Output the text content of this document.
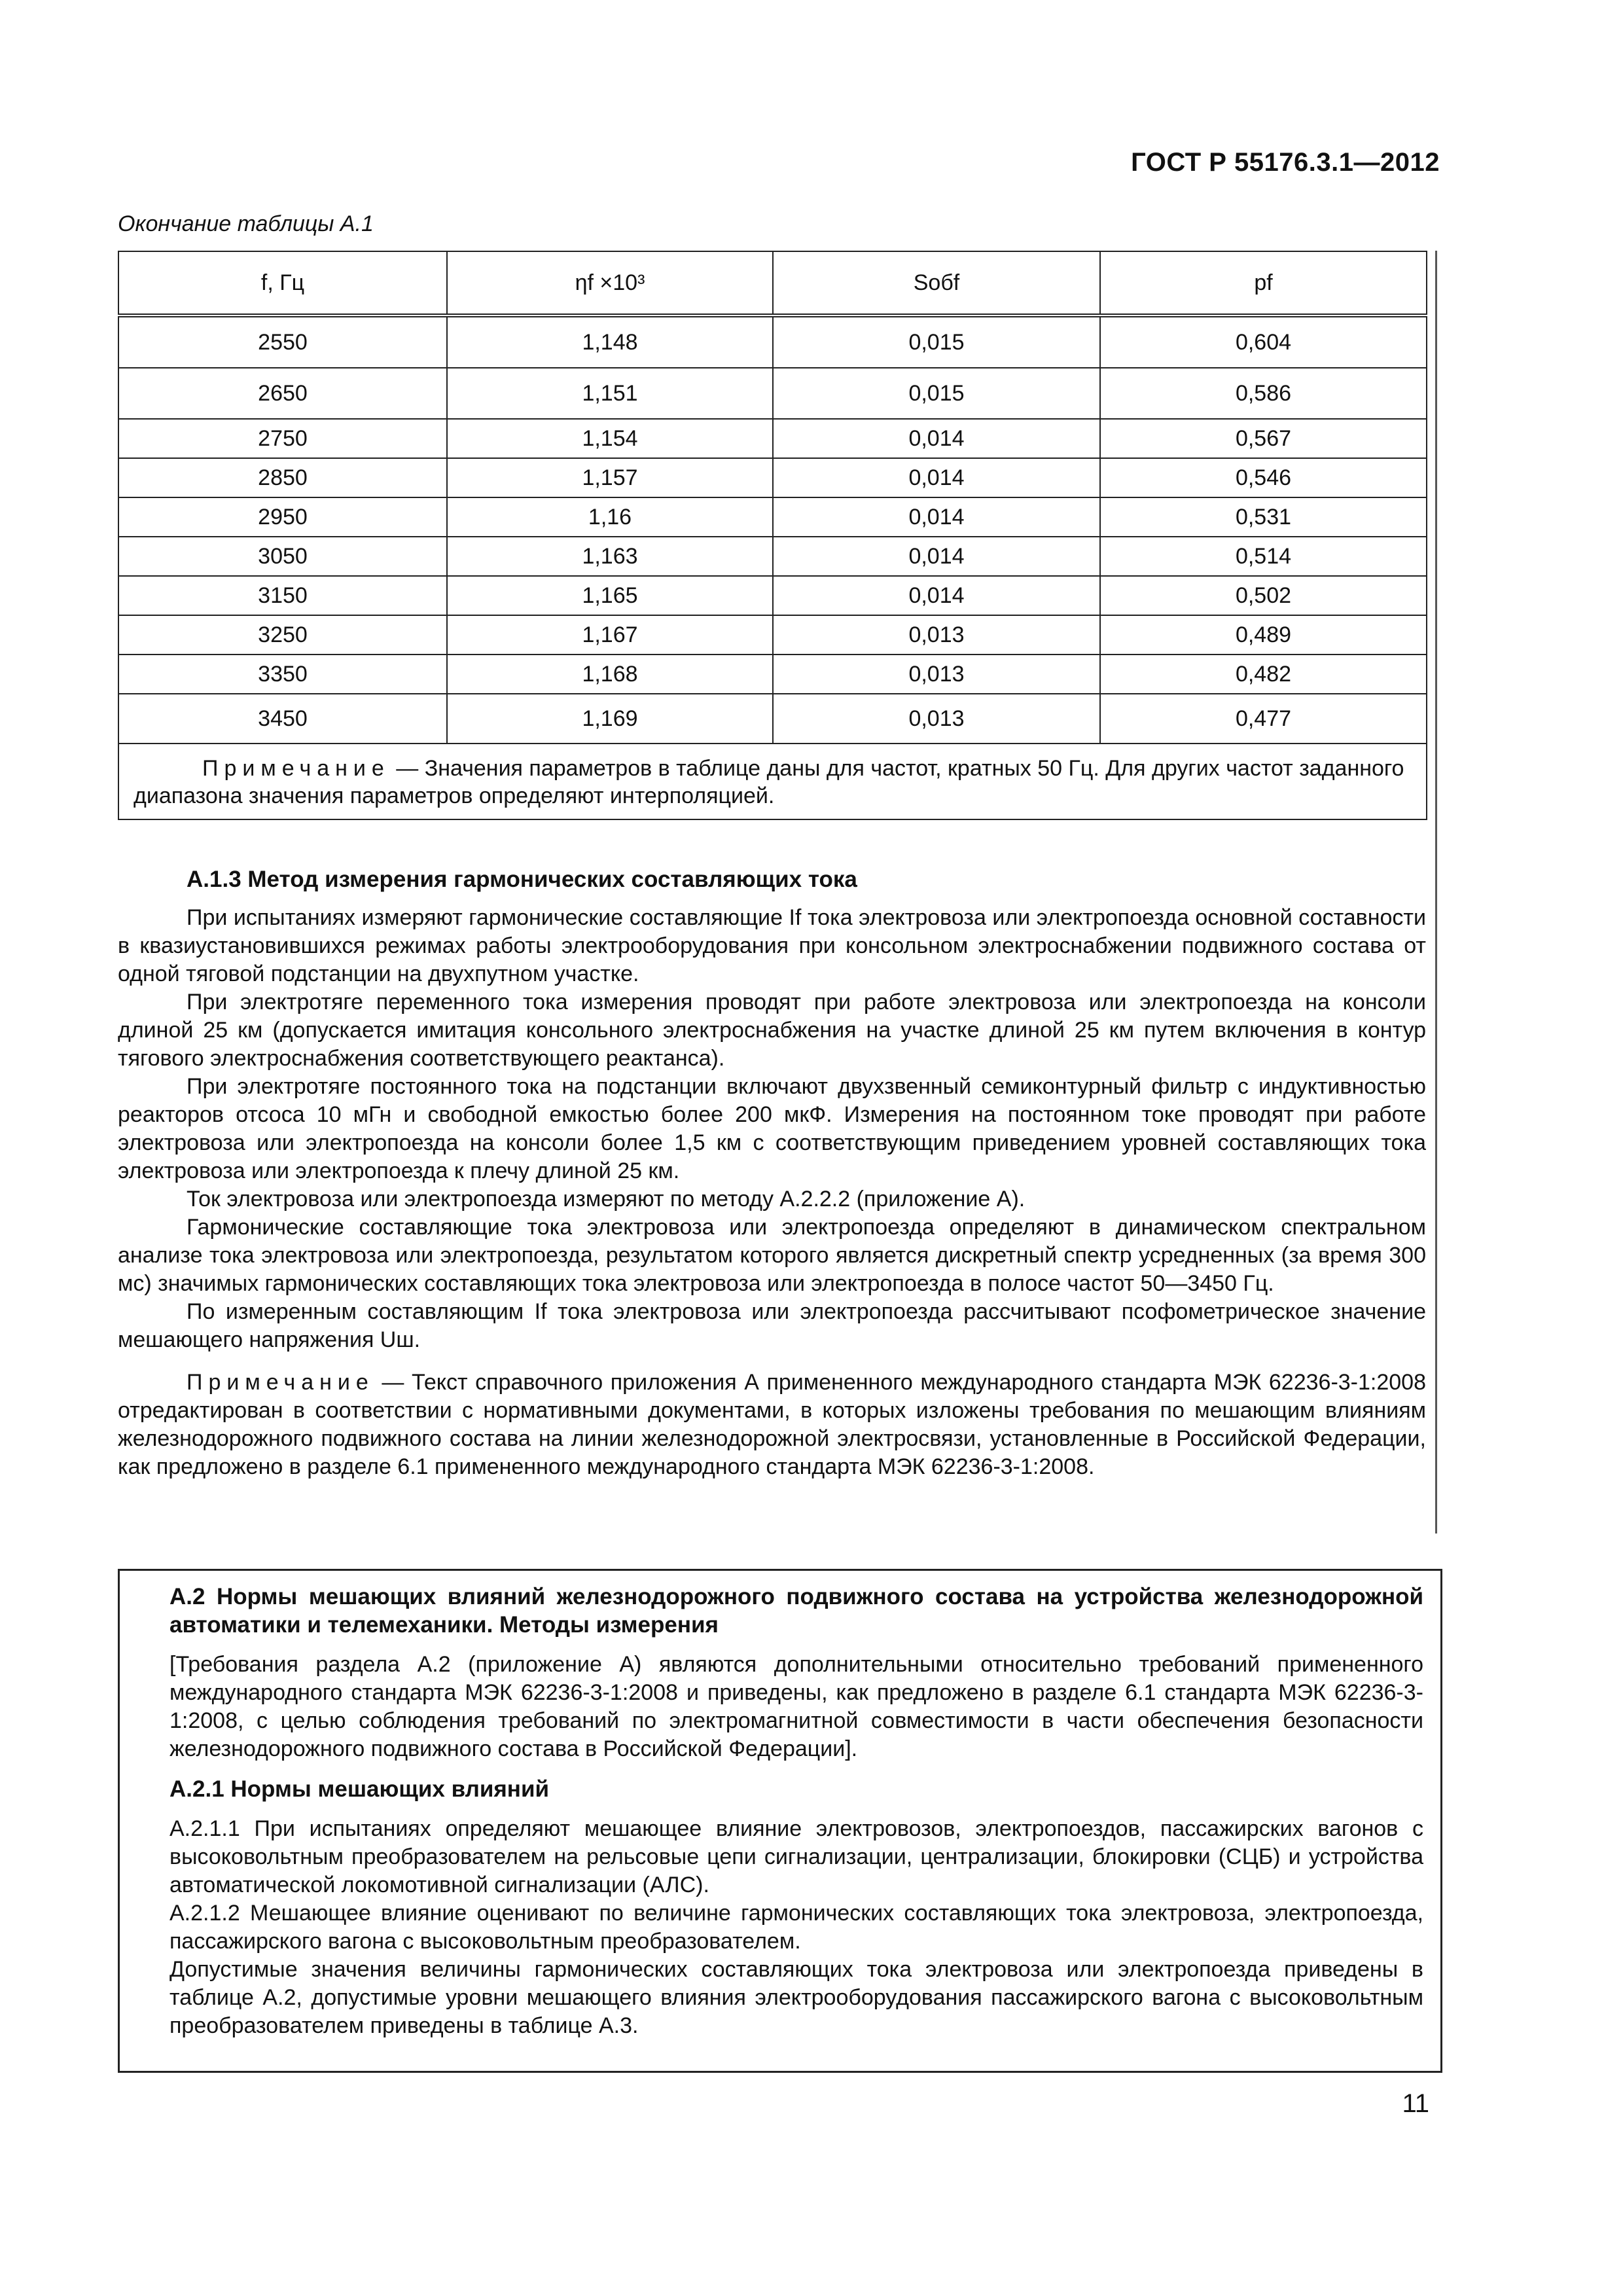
ГОСТ Р 55176.3.1—2012
Окончание таблицы А.1
f, Гц	ηf ×10³	Sобf	pf
2550	1,148	0,015	0,604
2650	1,151	0,015	0,586
2750	1,154	0,014	0,567
2850	1,157	0,014	0,546
2950	1,16	0,014	0,531
3050	1,163	0,014	0,514
3150	1,165	0,014	0,502
3250	1,167	0,013	0,489
3350	1,168	0,013	0,482
3450	1,169	0,013	0,477
Примечание — Значения параметров в таблице даны для частот, кратных 50 Гц. Для других частот заданного диапазона значения параметров определяют интерполяцией.			
А.1.3 Метод измерения гармонических составляющих тока

При испытаниях измеряют гармонические составляющие If тока электровоза или электропоезда основной составности в квазиустановившихся режимах работы электрооборудования при консольном электроснабжении подвижного состава от одной тяговой подстанции на двухпутном участке.

При электротяге переменного тока измерения проводят при работе электровоза или электропоезда на консоли длиной 25 км (допускается имитация консольного электроснабжения на участке длиной 25 км путем включения в контур тягового электроснабжения соответствующего реактанса).

При электротяге постоянного тока на подстанции включают двухзвенный семиконтурный фильтр с индуктивностью реакторов отсоса 10 мГн и свободной емкостью более 200 мкФ. Измерения на постоянном токе проводят при работе электровоза или электропоезда на консоли более 1,5 км с соответствующим приведением уровней составляющих тока электровоза или электропоезда к плечу длиной 25 км.

Ток электровоза или электропоезда измеряют по методу А.2.2.2 (приложение А).

Гармонические составляющие тока электровоза или электропоезда определяют в динамическом спектральном анализе тока электровоза или электропоезда, результатом которого является дискретный спектр усредненных (за время 300 мс) значимых гармонических составляющих тока электровоза или электропоезда в полосе частот 50—3450 Гц.

По измеренным составляющим If тока электровоза или электропоезда рассчитывают псофометрическое значение мешающего напряжения Uш.

Примечание — Текст справочного приложения А примененного международного стандарта МЭК 62236-3-1:2008 отредактирован в соответствии с нормативными документами, в которых изложены требования по мешающим влияниям железнодорожного подвижного состава на линии железнодорожной электросвязи, установленные в Российской Федерации, как предложено в разделе 6.1 примененного международного стандарта МЭК 62236-3-1:2008.

А.2 Нормы мешающих влияний железнодорожного подвижного состава на устройства железнодорожной автоматики и телемеханики. Методы измерения

[Требования раздела А.2 (приложение А) являются дополнительными относительно требований примененного международного стандарта МЭК 62236-3-1:2008 и приведены, как предложено в разделе 6.1 стандарта МЭК 62236-3-1:2008, с целью соблюдения требований по электромагнитной совместимости в части обеспечения безопасности железнодорожного подвижного состава в Российской Федерации].

А.2.1 Нормы мешающих влияний

А.2.1.1 При испытаниях определяют мешающее влияние электровозов, электропоездов, пассажирских вагонов с высоковольтным преобразователем на рельсовые цепи сигнализации, централизации, блокировки (СЦБ) и устройства автоматической локомотивной сигнализации (АЛС).

А.2.1.2 Мешающее влияние оценивают по величине гармонических составляющих тока электровоза, электропоезда, пассажирского вагона с высоковольтным преобразователем.

Допустимые значения величины гармонических составляющих тока электровоза или электропоезда приведены в таблице А.2, допустимые уровни мешающего влияния электрооборудования пассажирского вагона с высоковольтным преобразователем приведены в таблице А.3.

11
